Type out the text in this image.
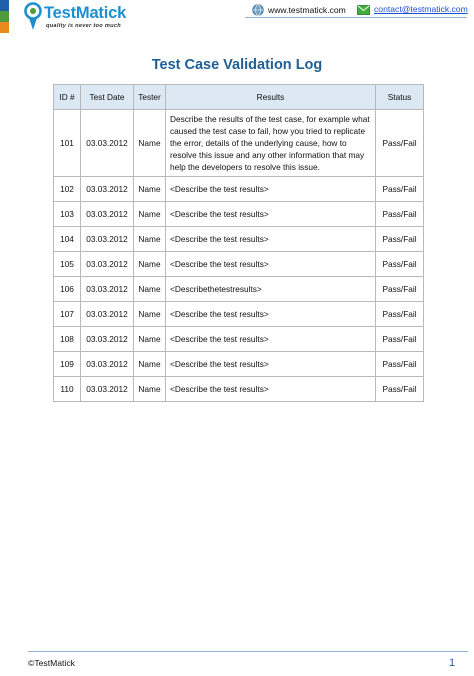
TestMatick
quality is never too much
www.testmatick.com	contact@testmatick.com
Test Case Validation Log
ID #	Test Date	Tester	Results	Status
101	03.03.2012	Name	Describe the results of the test case, for example what
caused the test case to fail, how you tried to replicate
the error, details of the underlying cause, how to
resolve this issue and any other information that may
help the developers to resolve this issue.	Pass/Fail
102	03.03.2012	Name	<Describe the test results>	Pass/Fail
103	03.03.2012	Name	<Describe the test results>	Pass/Fail
104	03.03.2012	Name	<Describe the test results>	Pass/Fail
105	03.03.2012	Name	<Describe the test results>	Pass/Fail
106	03.03.2012	Name	<Describethetestresults>	Pass/Fail
107	03.03.2012	Name	<Describe the test results>	Pass/Fail
108	03.03.2012	Name	<Describe the test results>	Pass/Fail
109	03.03.2012	Name	<Describe the test results>	Pass/Fail
110	03.03.2012	Name	<Describe the test results>	Pass/Fail
©TestMatick	1
